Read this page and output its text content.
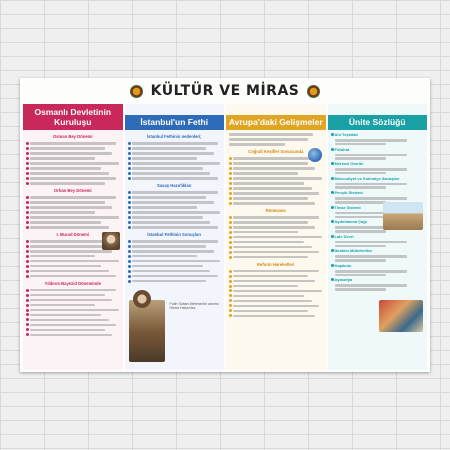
KÜLTÜR VE MİRAS
Osmanlı Devletinin
Kuruluşu
Osman Bey Dönemi
Orhan Bey Dönemi
I. Murad Dönemi
Yıldırım Bayezid Döneminde
İstanbul'un Fethi
İstanbul Fethinin nedenleri;
Savaş Hazırlıkları
İstanbul Fethinin Sonuçları
Fatih Sultan Mehmed'in annesi Hüma Hatun'dur.
Avrupa'daki Gelişmeler
Coğrafi Keşifler Sonucunda
Rönesans
Reform Hareketleri
Ünite Sözlüğü
Ahi Teşkilatı
Fütühat
Merkezi Otorite
Mevcudiyet ve Kıdemiye Savaşları
Pençik Sistemi
Timar Sistemi
Aydınlanma Çağı
Lale Devri
İbrahim Müteferrika
Kapıkulu
Ayasofya
